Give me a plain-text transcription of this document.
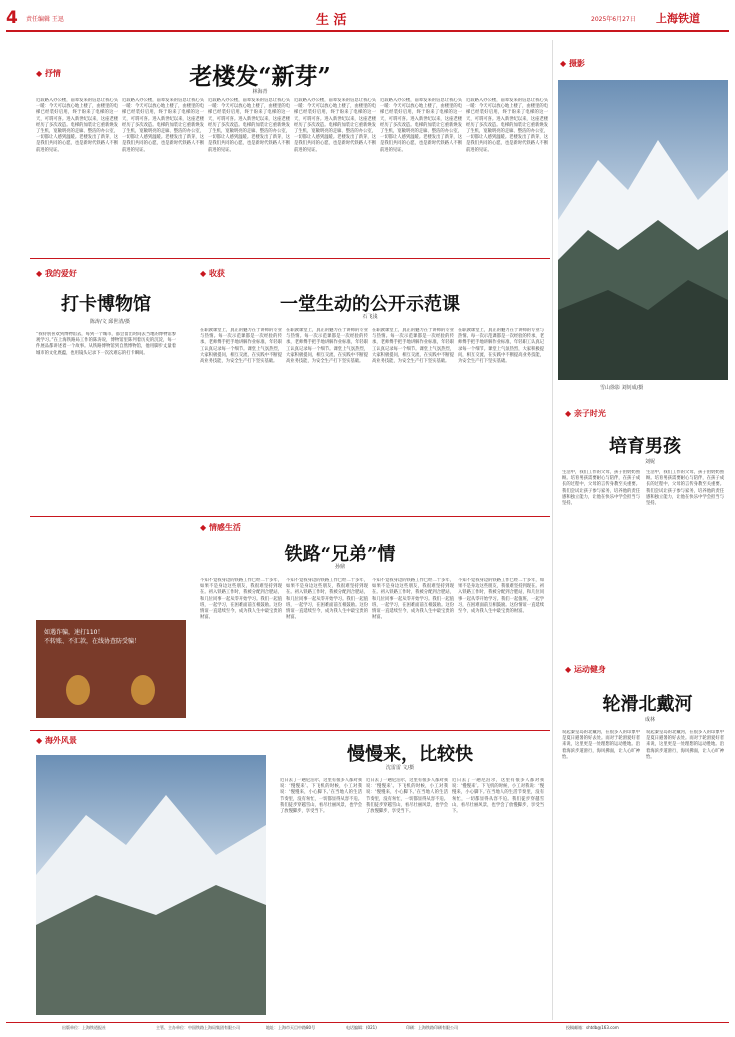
4 责任编辑 王迅	生 活	2025年6月27日 上海铁道
◆ 抒情	老楼发“新芽”
林海青
近段路入办公楼，前辈发来的信息让我心头一暖：今天可以放心地上楼了，由楼里的电梯已经装好启用，终于盼来了电梯的这一天，可谓可喜。进入新世纪以来，这座老楼经历了多次改造。电梯的加装让它重新焕发了生机，宽敞明亮的走廊、整洁的办公室，一切都让人感到温暖。老楼发出了新芽，这是我们共同的心愿，也是新时代铁路人不断前进的见证。
近段路入办公楼，前辈发来的信息让我心头一暖：今天可以放心地上楼了，由楼里的电梯已经装好启用，终于盼来了电梯的这一天，可谓可喜。进入新世纪以来，这座老楼经历了多次改造。电梯的加装让它重新焕发了生机，宽敞明亮的走廊、整洁的办公室，一切都让人感到温暖。老楼发出了新芽，这是我们共同的心愿，也是新时代铁路人不断前进的见证。
近段路入办公楼，前辈发来的信息让我心头一暖：今天可以放心地上楼了，由楼里的电梯已经装好启用，终于盼来了电梯的这一天，可谓可喜。进入新世纪以来，这座老楼经历了多次改造。电梯的加装让它重新焕发了生机，宽敞明亮的走廊、整洁的办公室，一切都让人感到温暖。老楼发出了新芽，这是我们共同的心愿，也是新时代铁路人不断前进的见证。
近段路入办公楼，前辈发来的信息让我心头一暖：今天可以放心地上楼了，由楼里的电梯已经装好启用，终于盼来了电梯的这一天，可谓可喜。进入新世纪以来，这座老楼经历了多次改造。电梯的加装让它重新焕发了生机，宽敞明亮的走廊、整洁的办公室，一切都让人感到温暖。老楼发出了新芽，这是我们共同的心愿，也是新时代铁路人不断前进的见证。
近段路入办公楼，前辈发来的信息让我心头一暖：今天可以放心地上楼了，由楼里的电梯已经装好启用，终于盼来了电梯的这一天，可谓可喜。进入新世纪以来，这座老楼经历了多次改造。电梯的加装让它重新焕发了生机，宽敞明亮的走廊、整洁的办公室，一切都让人感到温暖。老楼发出了新芽，这是我们共同的心愿，也是新时代铁路人不断前进的见证。
近段路入办公楼，前辈发来的信息让我心头一暖：今天可以放心地上楼了，由楼里的电梯已经装好启用，终于盼来了电梯的这一天，可谓可喜。进入新世纪以来，这座老楼经历了多次改造。电梯的加装让它重新焕发了生机，宽敞明亮的走廊、整洁的办公室，一切都让人感到温暖。老楼发出了新芽，这是我们共同的心愿，也是新时代铁路人不断前进的见证。
◆ 摄影
◆ 我的爱好
打卡博物馆
陈涛/文 邱世清/摄
“我特别喜欢到博物馆去，每到一个城市，都会留出时间去当地的博物馆参观学习。”在上海铁路局工作的陈涛说，博物馆里陈列着历史的沉淀，每一件展品都讲述着一个故事。从铁路博物馆到自然博物馆，他用脚步丈量着城市的文化底蕴，也用镜头记录下一次次难忘的打卡瞬间。
◆ 收获
一堂生动的公开示范课
石飞浅
在职教课堂上，真正的魅力在于讲师的专业与热情。每一次示范课都是一次经验的传承，老师傅手把手地讲解作业标准，年轻职工认真记录每一个细节。课堂上气氛热烈，大家积极提问，相互交流，在实践中不断提高业务技能，为安全生产打下坚实基础。
在职教课堂上，真正的魅力在于讲师的专业与热情。每一次示范课都是一次经验的传承，老师傅手把手地讲解作业标准，年轻职工认真记录每一个细节。课堂上气氛热烈，大家积极提问，相互交流，在实践中不断提高业务技能，为安全生产打下坚实基础。
在职教课堂上，真正的魅力在于讲师的专业与热情。每一次示范课都是一次经验的传承，老师傅手把手地讲解作业标准，年轻职工认真记录每一个细节。课堂上气氛热烈，大家积极提问，相互交流，在实践中不断提高业务技能，为安全生产打下坚实基础。
在职教课堂上，真正的魅力在于讲师的专业与热情。每一次示范课都是一次经验的传承，老师傅手把手地讲解作业标准，年轻职工认真记录每一个细节。课堂上气氛热烈，大家积极提问，相互交流，在实践中不断提高业务技能，为安全生产打下坚实基础。
雪山徐影 刘钊成/摄
◆ 亲子时光
培育男孩
刘妮
生活中，我们工作的父母，孩子由奶奶照顾。培育男孩需要耐心与陪伴，在孩子成长的过程中，父母的言传身教至关重要。我们尝试让孩子参与家务，培养他的责任感和独立能力，让他在快乐中学会担当与坚持。
生活中，我们工作的父母，孩子由奶奶照顾。培育男孩需要耐心与陪伴，在孩子成长的过程中，父母的言传身教至关重要。我们尝试让孩子参与家务，培养他的责任感和独立能力，让他在快乐中学会担当与坚持。
◆ 情感生活
铁路“兄弟”情
孙鼎
不知不觉我身边的铁路工作已经二十多年，如果不是身边这些朋友，我很难坚持到现在。初入铁路工作时，我被分配到合肥站，和几位同事一起从零开始学习。我们一起值班，一起学习，在困难面前互相鼓励。这份情谊一直延续至今，成为我人生中最宝贵的财富。
不知不觉我身边的铁路工作已经二十多年，如果不是身边这些朋友，我很难坚持到现在。初入铁路工作时，我被分配到合肥站，和几位同事一起从零开始学习。我们一起值班，一起学习，在困难面前互相鼓励。这份情谊一直延续至今，成为我人生中最宝贵的财富。
不知不觉我身边的铁路工作已经二十多年，如果不是身边这些朋友，我很难坚持到现在。初入铁路工作时，我被分配到合肥站，和几位同事一起从零开始学习。我们一起值班，一起学习，在困难面前互相鼓励。这份情谊一直延续至今，成为我人生中最宝贵的财富。
不知不觉我身边的铁路工作已经二十多年，如果不是身边这些朋友，我很难坚持到现在。初入铁路工作时，我被分配到合肥站，和几位同事一起从零开始学习。我们一起值班，一起学习，在困难面前互相鼓励。这份情谊一直延续至今，成为我人生中最宝贵的财富。
如遇诈骗，速打110！
不转账、不汇款，在线协查防受骗！
◆ 海外风景
慢慢来，比较快
沈雷雷 文/摄
近日去了一趟尼泊尔，这里有很多人都对我说：‘慢慢来’。下飞机的时候，小工对我说：‘慢慢来，小心脚下。’在当地人的生活节奏里，没有匆忙，一切都显得从容不迫。我们徒步穿越雪山，看尽壮丽风景，也学会了放慢脚步，享受当下。
近日去了一趟尼泊尔，这里有很多人都对我说：‘慢慢来’。下飞机的时候，小工对我说：‘慢慢来，小心脚下。’在当地人的生活节奏里，没有匆忙，一切都显得从容不迫。我们徒步穿越雪山，看尽壮丽风景，也学会了放慢脚步，享受当下。
近日去了一趟尼泊尔，这里有很多人都对我说：‘慢慢来’。下飞机的时候，小工对我说：‘慢慢来，小心脚下。’在当地人的生活节奏里，没有匆忙，一切都显得从容不迫。我们徒步穿越雪山，看尽壮丽风景，也学会了放慢脚步，享受当下。
◆ 运动健身
轮滑北戴河
成林
说起秦皇岛的北戴河，在很多人的印象中是夏日避暑的好去处。而对于轮滑爱好者来说，这里更是一处理想的运动胜地。沿着海滨步道滑行，海风拂面，让人心旷神怡。
说起秦皇岛的北戴河，在很多人的印象中是夏日避暑的好去处。而对于轮滑爱好者来说，这里更是一处理想的运动胜地。沿着海滨步道滑行，海风拂面，让人心旷神怡。
出版单位：上海铁道报社	主管、主办单位：中国铁路上海局集团有限公司	地址：上海市天目中路80号	电话编辑：(021)	印刷：上海铁路印刷有限公司	投稿邮箱：shtdb@163.com
